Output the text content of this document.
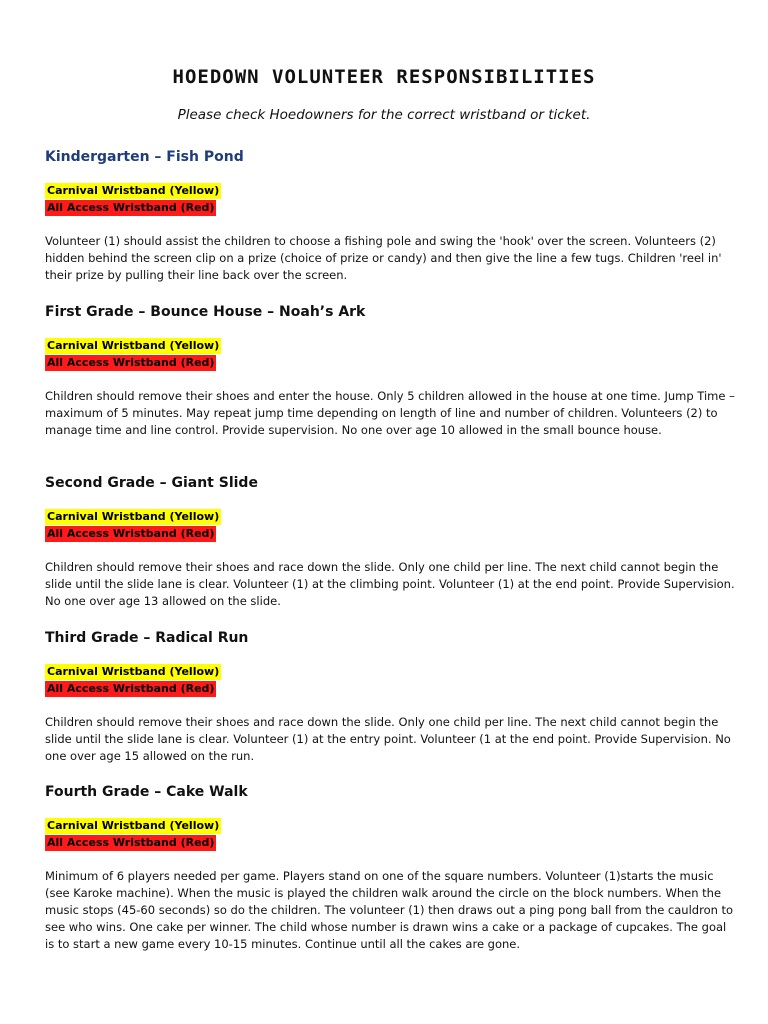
HOEDOWN VOLUNTEER RESPONSIBILITIES

Please check Hoedowners for the correct wristband or ticket.

Kindergarten – Fish Pond
Carnival Wristband (Yellow)
All Access Wristband (Red)

Volunteer (1) should assist the children to choose a fishing pole and swing the 'hook' over the screen. Volunteers (2) hidden behind the screen clip on a prize (choice of prize or candy) and then give the line a few tugs. Children 'reel in' their prize by pulling their line back over the screen.

First Grade – Bounce House – Noah’s Ark
Carnival Wristband (Yellow)
All Access Wristband (Red)

Children should remove their shoes and enter the house. Only 5 children allowed in the house at one time. Jump Time – maximum of 5 minutes. May repeat jump time depending on length of line and number of children. Volunteers (2) to manage time and line control. Provide supervision. No one over age 10 allowed in the small bounce house.

Second Grade – Giant Slide
Carnival Wristband (Yellow)
All Access Wristband (Red)

Children should remove their shoes and race down the slide. Only one child per line. The next child cannot begin the slide until the slide lane is clear. Volunteer (1) at the climbing point. Volunteer (1) at the end point. Provide Supervision. No one over age 13 allowed on the slide.

Third Grade – Radical Run
Carnival Wristband (Yellow)
All Access Wristband (Red)

Children should remove their shoes and race down the slide. Only one child per line. The next child cannot begin the slide until the slide lane is clear. Volunteer (1) at the entry point. Volunteer (1 at the end point. Provide Supervision. No one over age 15 allowed on the run.

Fourth Grade – Cake Walk
Carnival Wristband (Yellow)
All Access Wristband (Red)

Minimum of 6 players needed per game. Players stand on one of the square numbers. Volunteer (1)starts the music (see Karoke machine). When the music is played the children walk around the circle on the block numbers. When the music stops (45-60 seconds) so do the children. The volunteer (1) then draws out a ping pong ball from the cauldron to see who wins. One cake per winner. The child whose number is drawn wins a cake or a package of cupcakes. The goal is to start a new game every 10-15 minutes. Continue until all the cakes are gone.
